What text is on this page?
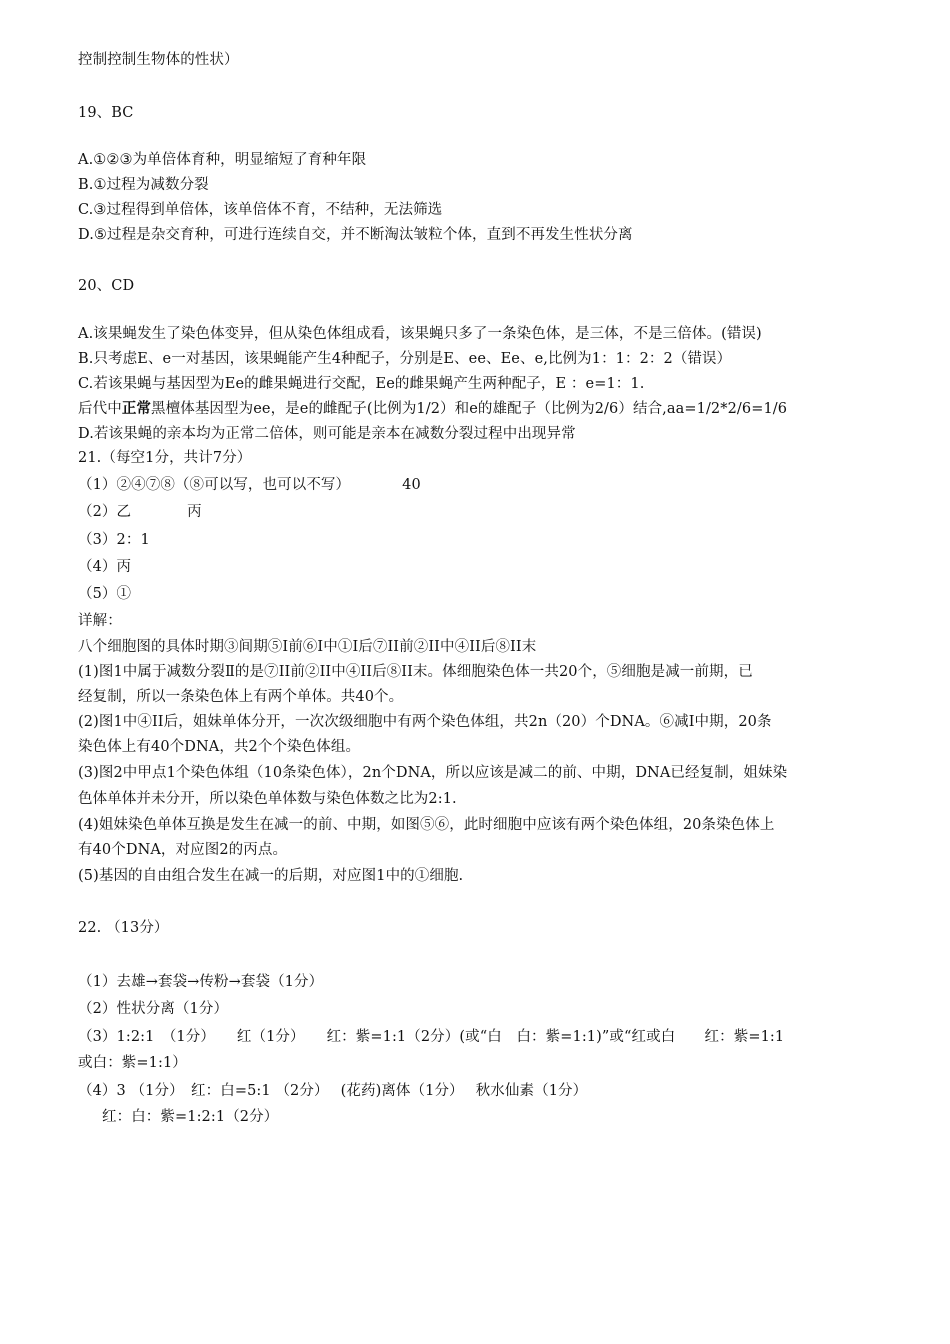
控制控制生物体的性状）
19、BC
A.①②③为单倍体育种，明显缩短了育种年限
B.①过程为减数分裂
C.③过程得到单倍体，该单倍体不育，不结种，无法筛选
D.⑤过程是杂交育种，可进行连续自交，并不断淘汰皱粒个体，直到不再发生性状分离
20、CD
A.该果蝇发生了染色体变异，但从染色体组成看，该果蝇只多了一条染色体，是三体，不是三倍体。(错误)
B.只考虑E、e一对基因，该果蝇能产生4种配子，分别是E、ee、Ee、e,比例为1：1：2：2（错误）
C.若该果蝇与基因型为Ee的雌果蝇进行交配，Ee的雌果蝇产生两种配子，E ：e=1：1.
后代中正常黑檀体基因型为ee，是e的雌配子(比例为1/2）和e的雄配子（比例为2/6）结合,aa=1/2*2/6=1/6
D.若该果蝇的亲本均为正常二倍体，则可能是亲本在减数分裂过程中出现异常
21.（每空1分，共计7分）
（1）②④⑦⑧（⑧可以写，也可以不写）	40
（2）乙	丙
（3）2：1
（4）丙
（5）①
详解：
八个细胞图的具体时期③间期⑤I前⑥I中①I后⑦II前②II中④II后⑧II末
(1)图1中属于减数分裂Ⅱ的是⑦II前②II中④II后⑧II末。体细胞染色体一共20个，⑤细胞是减一前期，已
经复制，所以一条染色体上有两个单体。共40个。
(2)图1中④II后，姐妹单体分开，一次次级细胞中有两个染色体组，共2n（20）个DNA。⑥减I中期，20条
染色体上有40个DNA，共2个个染色体组。
(3)图2中甲点1个染色体组（10条染色体），2n个DNA，所以应该是减二的前、中期，DNA已经复制，姐妹染
色体单体并未分开，所以染色单体数与染色体数之比为2:1.
(4)姐妹染色单体互换是发生在减一的前、中期，如图⑤⑥，此时细胞中应该有两个染色体组，20条染色体上
有40个DNA，对应图2的丙点。
(5)基因的自由组合发生在减一的后期，对应图1中的①细胞.
22. （13分）
（1）去雄→套袋→传粉→套袋（1分）
（2）性状分离（1分）
（3）1:2:1　（1分）　　红（1分）　　红：紫=1:1（2分）(或“白　白：紫=1:1)”或“红或白　　红：紫=1:1
或白：紫=1:1）
（4）3 （1分）　红：白=5:1 （2分）　 (花药)离体（1分）　 秋水仙素（1分）
红：白：紫=1:2:1（2分）
